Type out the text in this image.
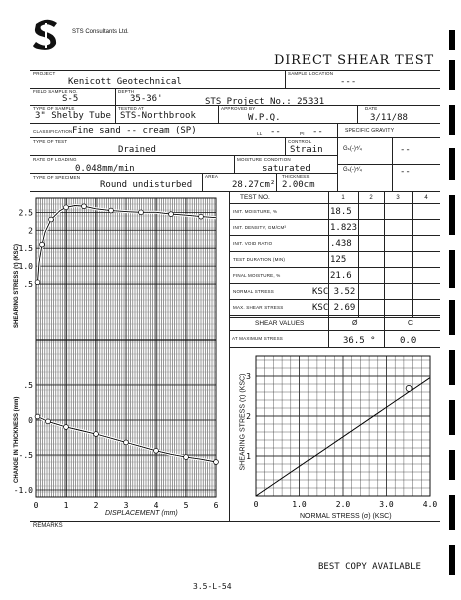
STS Consultants Ltd.
DIRECT SHEAR TEST
PROJECT
Kenicott Geotechnical
SAMPLE LOCATION
---
FIELD SAMPLE NO.
S-5
DEPTH
35-36'	STS Project No.: 25331
TYPE OF SAMPLE
3" Shelby Tube
TESTED AT
STS-Northbrook
APPROVED BY
W.P.Q.
DATE
3/11/88
CLASSIFICATION Fine sand -- cream (SP)	LL --	PI --	SPECIFIC GRAVITY
TYPE OF TEST
Drained
CONTROL
Strain	Gₛ(-)⁴⁄₄	--
RATE OF LOADING
0.048mm/min
MOISTURE CONDITION
saturated	Gₛ(-)⁴⁄₄	--
TYPE OF SPECIMEN
Round undisturbed
AREA
28.27cm²
THICKNESS
2.00cm
2.5
2
1.5
1.0
.5
.5
0
-.5
-1.0
0	1	2	3	4	5	6
DISPLACEMENT (mm)
SHEARING STRESS (τ) (KSC)
CHANGE IN THICKNESS (mm)
TEST NO.	1	2	3	4
INIT. MOISTURE, %	18.5
INIT. DENSITY, GM/CM³	1.823
INIT. VOID RATIO	.438
TEST DURATION (MIN)	125
FINAL MOISTURE, %	21.6
NORMAL STRESS	KSC 3.52
MAX. SHEAR STRESS	KSC 2.69
SHEAR VALUES	Ø	C
AT MAXIMUM STRESS	36.5 °	0.0
3
2
1
0	1.0	2.0	3.0	4.0
NORMAL STRESS (σ) (KSC)
SHEARING STRESS (τ) (KSC)
REMARKS
BEST COPY AVAILABLE
3.5-L-54
